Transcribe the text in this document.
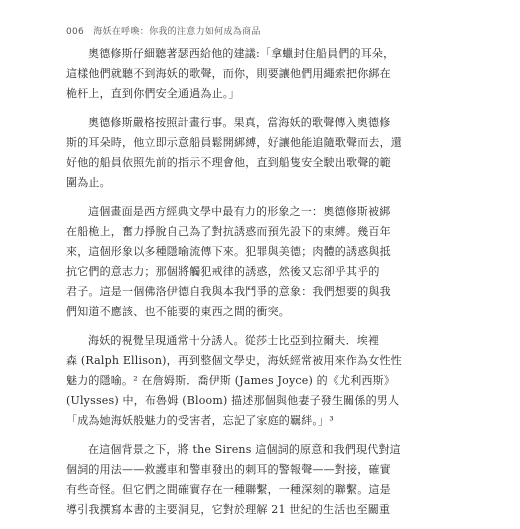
006 海妖在呼喚：你我的注意力如何成為商品
奧德修斯仔細聽著瑟西給他的建議:「拿蠟封住船員們的耳朵，
這樣他們就聽不到海妖的歌聲，而你，則要讓他們用繩索把你綁在
桅杆上，直到你們安全通過為止。」
奧德修斯嚴格按照計畫行事。果真，當海妖的歌聲傳入奧德修
斯的耳朵時，他立即示意船員鬆開綁縛，好讓他能追隨歌聲而去，還
好他的船員依照先前的指示不理會他，直到船隻安全駛出歌聲的範
圍為止。
這個畫面是西方經典文學中最有力的形象之一：奧德修斯被綁
在船桅上，奮力掙脫自己為了對抗誘惑而預先設下的束縛。幾百年
來，這個形象以多種隱喻流傳下來。犯罪與美德；肉體的誘惑與抵
抗它們的意志力；那個將觸犯戒律的誘惑，然後又忘卻乎其乎的
君子。這是一個佛洛伊德自我與本我鬥爭的意象：我們想要的與我
們知道不應該、也不能要的東西之間的衝突。
海妖的視覺呈現通常十分誘人。從莎士比亞到拉爾夫．埃裡
森 (Ralph Ellison)，再到整個文學史，海妖經常被用來作為女性性
魅力的隱喻。² 在詹姆斯．喬伊斯 (James Joyce) 的《尤利西斯》
(Ulysses) 中，布魯姆 (Bloom) 描述那個與他妻子發生關係的男人
「成為她海妖般魅力的受害者，忘記了家庭的羈絆。」³
在這個背景之下，將 the Sirens 這個詞的原意和我們現代對這
個詞的用法——救護車和警車發出的刺耳的警報聲——對接，確實
有些奇怪。但它們之間確實存在一種聯繫，一種深刻的聯繫。這是
導引我撰寫本書的主要洞見，它對於理解 21 世紀的生活也至關重
